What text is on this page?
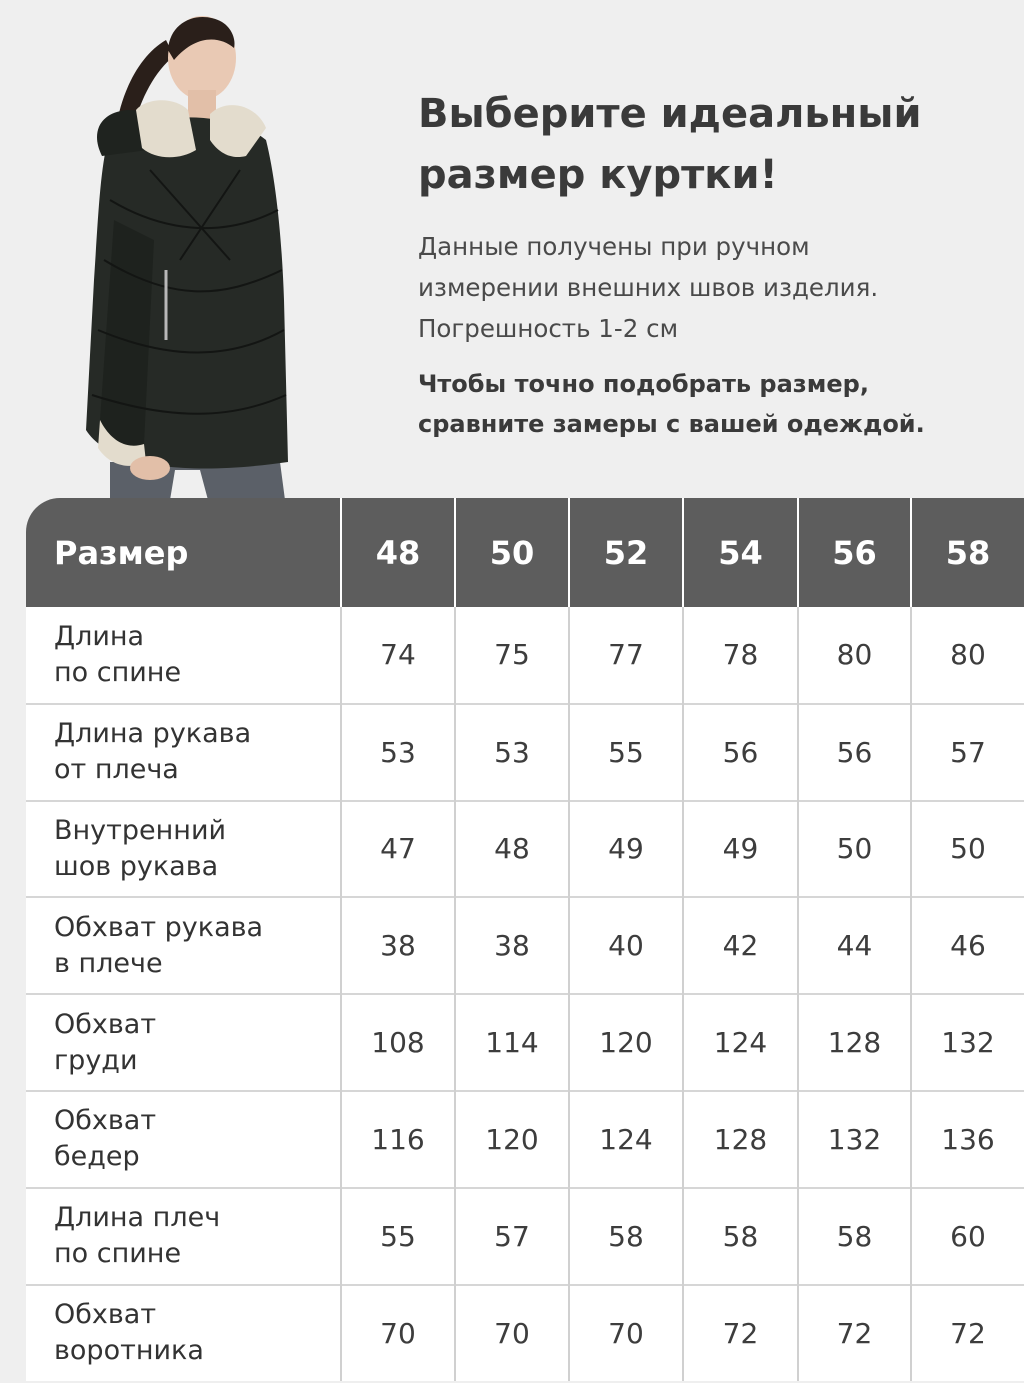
Выберите идеальный
размер куртки!
Данные получены при ручном
измерении внешних швов изделия.
Погрешность 1-2 см
Чтобы точно подобрать размер,
сравните замеры с вашей одеждой.
Размер	48	50	52	54	56	58

Длина
по спине	74	75	77	78	80	80

Длина рукава
от плеча	53	53	55	56	56	57

Внутренний
шов рукава	47	48	49	49	50	50

Обхват рукава
в плече	38	38	40	42	44	46

Обхват
груди	108	114	120	124	128	132

Обхват
бедер	116	120	124	128	132	136

Длина плеч
по спине	55	57	58	58	58	60

Обхват
воротника	70	70	70	72	72	72
